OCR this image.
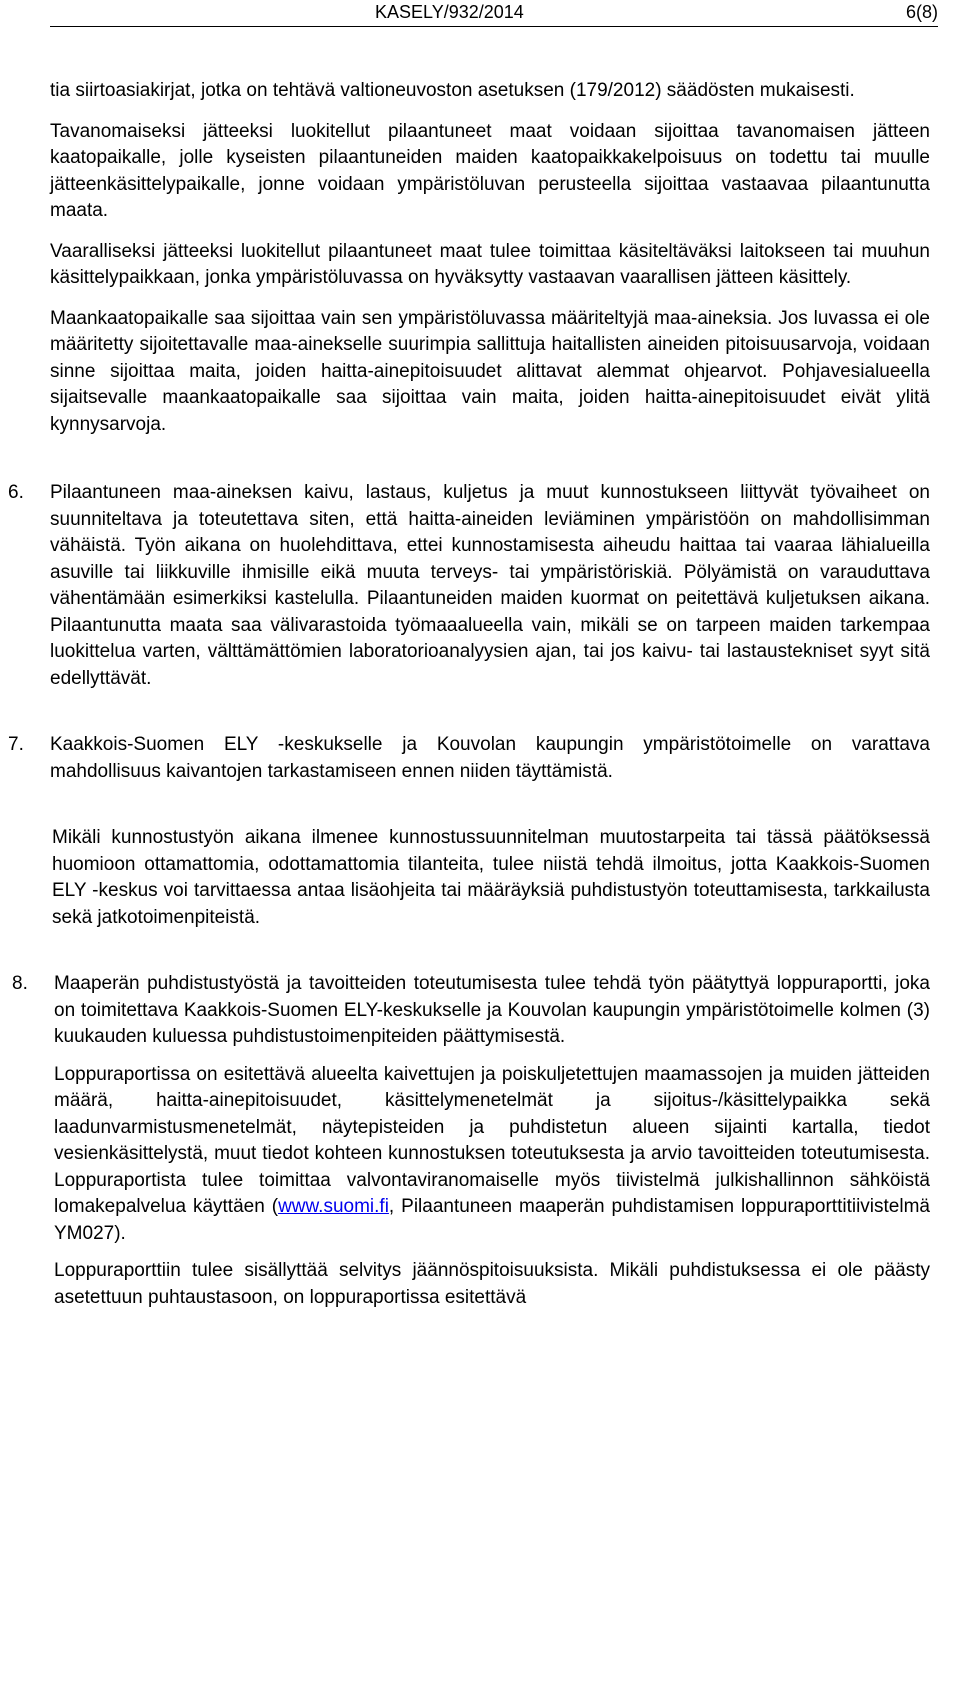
KASELY/932/2014	6(8)

tia siirtoasiakirjat, jotka on tehtävä valtioneuvoston asetuksen (179/2012) säädösten mukaisesti.

Tavanomaiseksi jätteeksi luokitellut pilaantuneet maat voidaan sijoittaa tavanomaisen jätteen kaatopaikalle, jolle kyseisten pilaantuneiden maiden kaatopaikkakelpoisuus on todettu tai muulle jätteenkäsittelypaikalle, jonne voidaan ympäristöluvan perusteella sijoittaa vastaavaa pilaantunutta maata.

Vaaralliseksi jätteeksi luokitellut pilaantuneet maat tulee toimittaa käsiteltäväksi laitokseen tai muuhun käsittelypaikkaan, jonka ympäristöluvassa on hyväksytty vastaavan vaarallisen jätteen käsittely.

Maankaatopaikalle saa sijoittaa vain sen ympäristöluvassa määriteltyjä maa-aineksia. Jos luvassa ei ole määritetty sijoitettavalle maa-ainekselle suurimpia sallittuja haitallisten aineiden pitoisuusarvoja, voidaan sinne sijoittaa maita, joiden haitta-ainepitoisuudet alittavat alemmat ohjearvot. Pohjavesialueella sijaitsevalle maankaatopaikalle saa sijoittaa vain maita, joiden haitta-ainepitoisuudet eivät ylitä kynnysarvoja.

6. Pilaantuneen maa-aineksen kaivu, lastaus, kuljetus ja muut kunnostukseen liittyvät työvaiheet on suunniteltava ja toteutettava siten, että haitta-aineiden leviäminen ympäristöön on mahdollisimman vähäistä. Työn aikana on huolehdittava, ettei kunnostamisesta aiheudu haittaa tai vaaraa lähialueilla asuville tai liikkuville ihmisille eikä muuta terveys- tai ympäristöriskiä. Pölyämistä on varauduttava vähentämään esimerkiksi kastelulla. Pilaantuneiden maiden kuormat on peitettävä kuljetuksen aikana. Pilaantunutta maata saa välivarastoida työmaaalueella vain, mikäli se on tarpeen maiden tarkempaa luokittelua varten, välttämättömien laboratorioanalyysien ajan, tai jos kaivu- tai lastaustekniset syyt sitä edellyttävät.

7. Kaakkois-Suomen ELY -keskukselle ja Kouvolan kaupungin ympäristötoimelle on varattava mahdollisuus kaivantojen tarkastamiseen ennen niiden täyttämistä.

Mikäli kunnostustyön aikana ilmenee kunnostussuunnitelman muutostarpeita tai tässä päätöksessä huomioon ottamattomia, odottamattomia tilanteita, tulee niistä tehdä ilmoitus, jotta Kaakkois-Suomen ELY -keskus voi tarvittaessa antaa lisäohjeita tai määräyksiä puhdistustyön toteuttamisesta, tarkkailusta sekä jatkotoimenpiteistä.

8. Maaperän puhdistustyöstä ja tavoitteiden toteutumisesta tulee tehdä työn päätyttyä loppuraportti, joka on toimitettava Kaakkois-Suomen ELY-keskukselle ja Kouvolan kaupungin ympäristötoimelle kolmen (3) kuukauden kuluessa puhdistustoimenpiteiden päättymisestä.

Loppuraportissa on esitettävä alueelta kaivettujen ja poiskuljetettujen maamassojen ja muiden jätteiden määrä, haitta-ainepitoisuudet, käsittelymenetelmät ja sijoitus-/käsittelypaikka sekä laadunvarmistusmenetelmät, näytepisteiden ja puhdistetun alueen sijainti kartalla, tiedot vesienkäsittelystä, muut tiedot kohteen kunnostuksen toteutuksesta ja arvio tavoitteiden toteutumisesta. Loppuraportista tulee toimittaa valvontaviranomaiselle myös tiivistelmä julkishallinnon sähköistä lomakepalvelua käyttäen (www.suomi.fi, Pilaantuneen maaperän puhdistamisen loppuraporttitiivistelmä YM027).

Loppuraporttiin tulee sisällyttää selvitys jäännöspitoisuuksista. Mikäli puhdistuksessa ei ole päästy asetettuun puhtaustasoon, on loppuraportissa esitettävä
